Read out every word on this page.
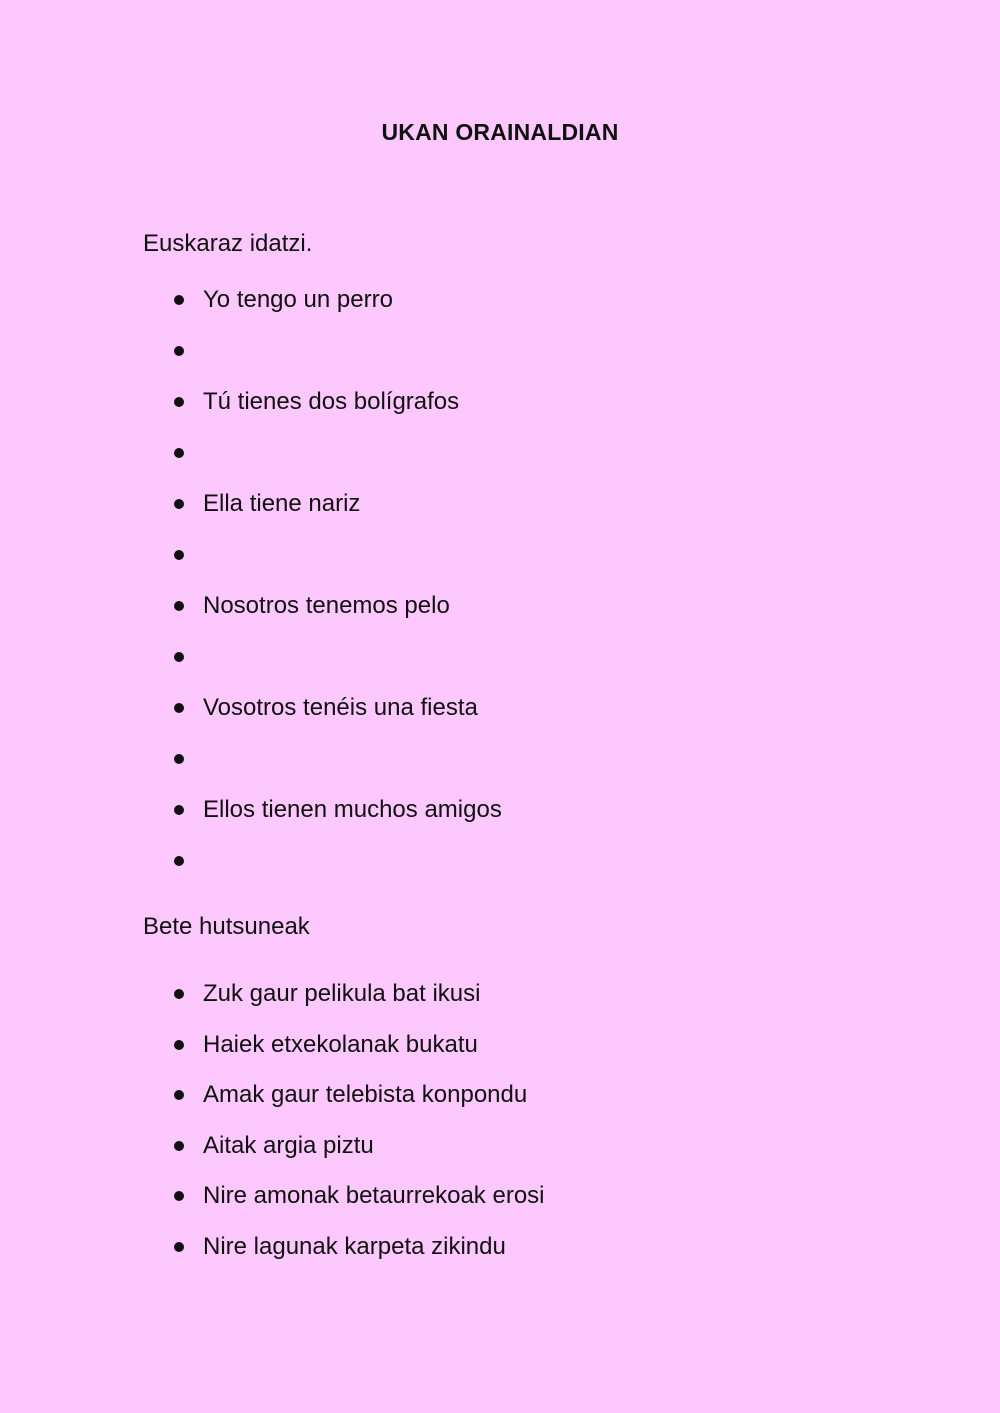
UKAN ORAINALDIAN
Euskaraz idatzi.
Yo tengo un perro
Tú tienes dos bolígrafos
Ella tiene nariz
Nosotros tenemos pelo
Vosotros tenéis una fiesta
Ellos tienen muchos amigos
Bete hutsuneak
Zuk gaur pelikula bat ikusi
Haiek etxekolanak bukatu
Amak gaur telebista konpondu
Aitak argia piztu
Nire amonak betaurrekoak erosi
Nire lagunak karpeta zikindu
